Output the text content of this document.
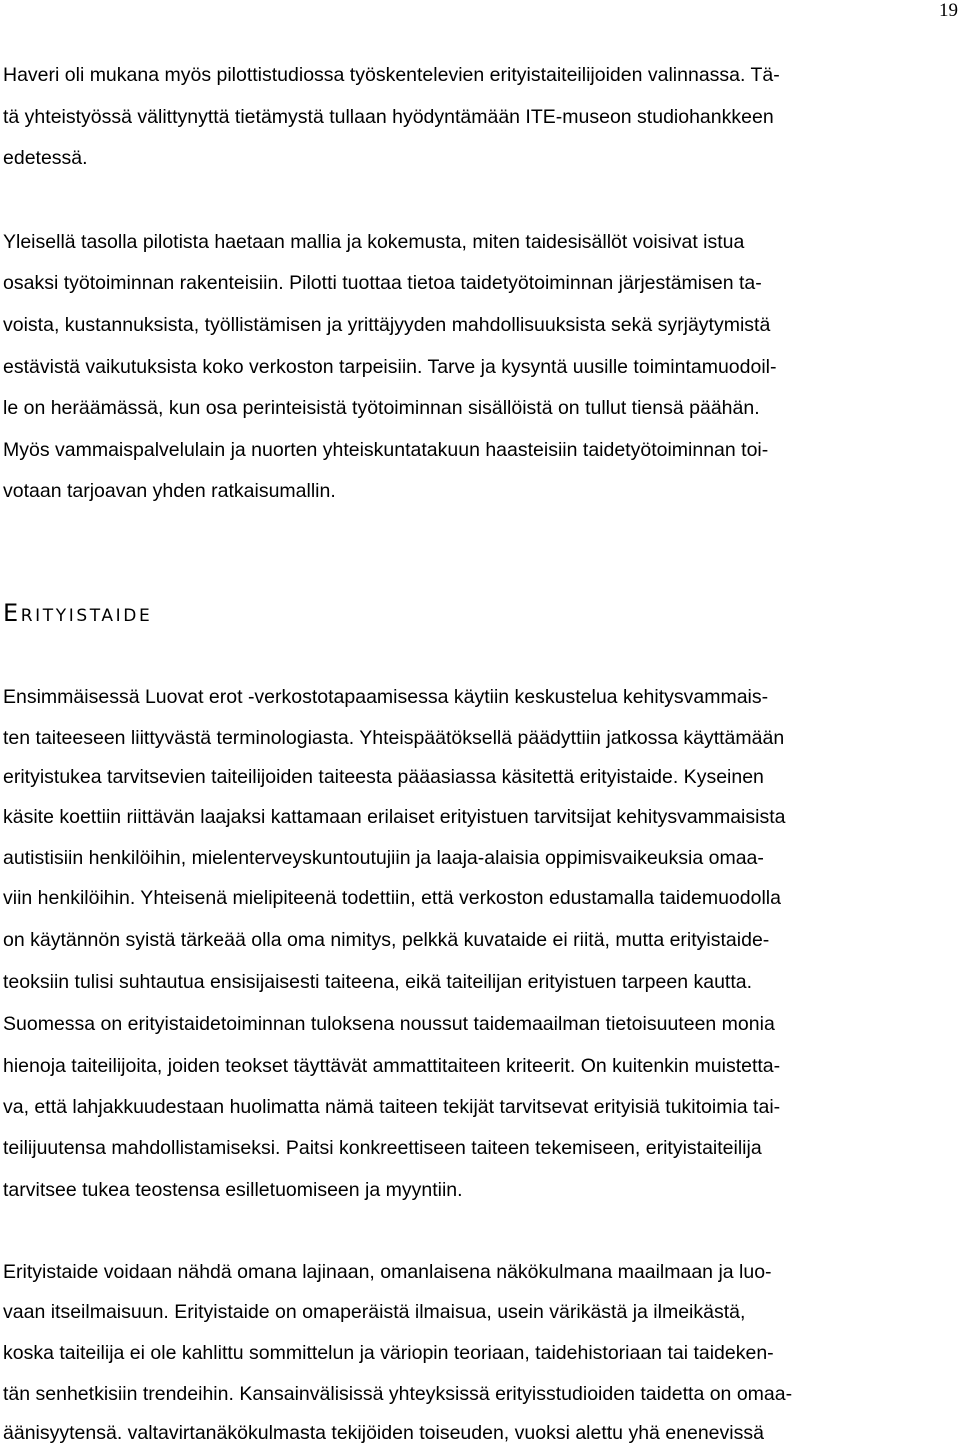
19
Haveri oli mukana myös pilottistudiossa työskentelevien erityistaiteilijoiden valinnassa. Tä-
tä yhteistyössä välittynyttä tietämystä tullaan hyödyntämään ITE-museon studiohankkeen
edetessä.
Yleisellä tasolla pilotista haetaan mallia ja kokemusta, miten taidesisällöt voisivat istua
osaksi työtoiminnan rakenteisiin. Pilotti tuottaa tietoa taidetyötoiminnan järjestämisen ta-
voista, kustannuksista, työllistämisen ja yrittäjyyden mahdollisuuksista sekä syrjäytymistä
estävistä vaikutuksista koko verkoston tarpeisiin. Tarve ja kysyntä uusille toimintamuodoil-
le on heräämässä, kun osa perinteisistä työtoiminnan sisällöistä on tullut tiensä päähän.
Myös vammaispalvelulain ja nuorten yhteiskuntatakuun haasteisiin taidetyötoiminnan toi-
votaan tarjoavan yhden ratkaisumallin.
Erityistaide
Ensimmäisessä Luovat erot -verkostotapaamisessa käytiin keskustelua kehitysvammais-
ten taiteeseen liittyvästä terminologiasta. Yhteispäätöksellä päädyttiin jatkossa käyttämään
erityistukea tarvitsevien taiteilijoiden taiteesta pääasiassa käsitettä erityistaide. Kyseinen
käsite koettiin riittävän laajaksi kattamaan erilaiset erityistuen tarvitsijat kehitysvammaisista
autistisiin henkilöihin, mielenterveyskuntoutujiin ja laaja-alaisia oppimisvaikeuksia omaa-
viin henkilöihin. Yhteisenä mielipiteenä todettiin, että verkoston edustamalla taidemuodolla
on käytännön syistä tärkeää olla oma nimitys, pelkkä kuvataide ei riitä, mutta erityistaide-
teoksiin tulisi suhtautua ensisijaisesti taiteena, eikä taiteilijan erityistuen tarpeen kautta.
Suomessa on erityistaidetoiminnan tuloksena noussut taidemaailman tietoisuuteen monia
hienoja taiteilijoita, joiden teokset täyttävät ammattitaiteen kriteerit. On kuitenkin muistetta-
va, että lahjakkuudestaan huolimatta nämä taiteen tekijät tarvitsevat erityisiä tukitoimia tai-
teilijuutensa mahdollistamiseksi. Paitsi konkreettiseen taiteen tekemiseen, erityistaiteilija
tarvitsee tukea teostensa esilletuomiseen ja myyntiin.
Erityistaide voidaan nähdä omana lajinaan, omanlaisena näkökulmana maailmaan ja luo-
vaan itseilmaisuun. Erityistaide on omaperäistä ilmaisua, usein värikästä ja ilmeikästä,
koska taiteilija ei ole kahlittu sommittelun ja väriopin teoriaan, taidehistoriaan tai taideken-
tän senhetkisiin trendeihin. Kansainvälisissä yhteyksissä erityisstudioiden taidetta on omaa-
äänisyytensä. valtavirtanäkökulmasta tekijöiden toiseuden, vuoksi alettu yhä enenevissä
